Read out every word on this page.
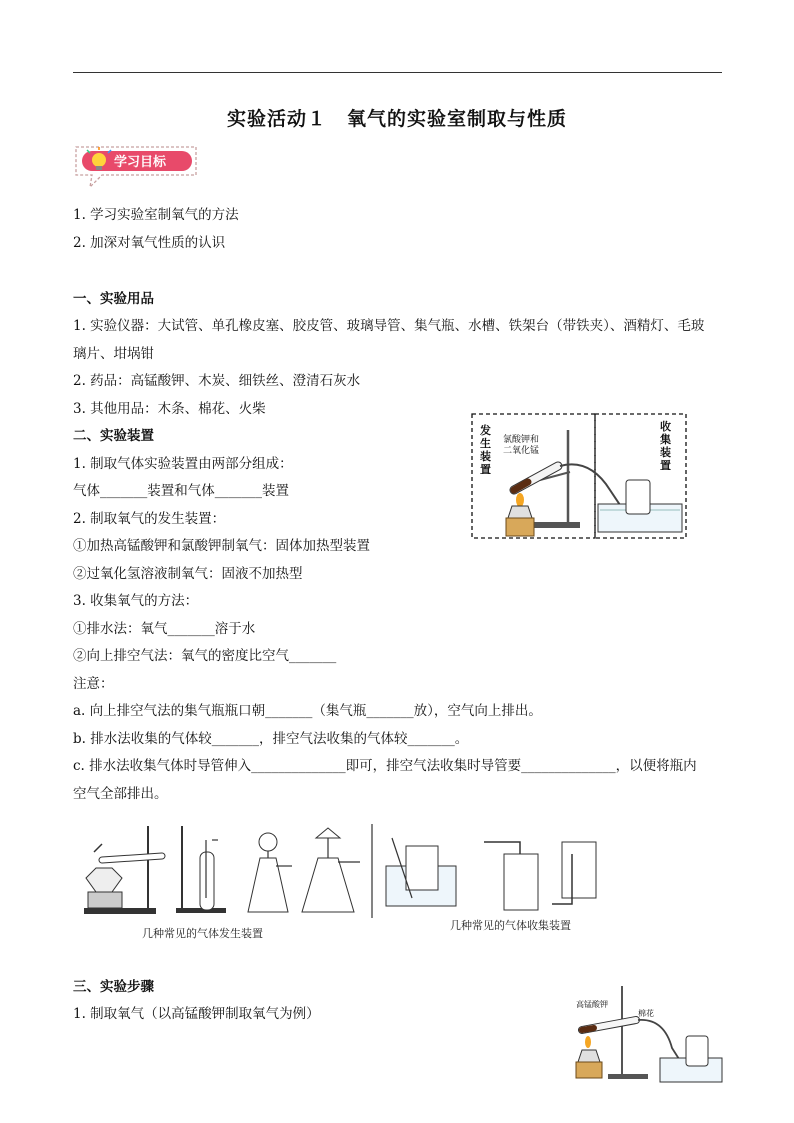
实验活动１　氧气的实验室制取与性质
学习目标
1. 学习实验室制氧气的方法
2. 加深对氧气性质的认识
一、实验用品
1. 实验仪器：大试管、单孔橡皮塞、胶皮管、玻璃导管、集气瓶、水槽、铁架台（带铁夹）、酒精灯、毛玻
璃片、坩埚钳
2. 药品：高锰酸钾、木炭、细铁丝、澄清石灰水
3. 其他用品：木条、棉花、火柴
二、实验装置
1. 制取气体实验装置由两部分组成：
气体_______装置和气体_______装置
2. 制取氧气的发生装置：
①加热高锰酸钾和氯酸钾制氧气：固体加热型装置
②过氧化氢溶液制氧气：固液不加热型
3. 收集氧气的方法：
①排水法：氧气_______溶于水
②向上排空气法：氧气的密度比空气_______
注意：
a. 向上排空气法的集气瓶瓶口朝_______（集气瓶_______放），空气向上排出。
b. 排水法收集的气体较_______，排空气法收集的气体较_______。
c. 排水法收集气体时导管伸入______________即可，排空气法收集时导管要______________，以便将瓶内
空气全部排出。
发生装置
收集装置
氯酸钾和
二氧化锰
几种常见的气体发生装置
几种常见的气体收集装置
三、实验步骤
1. 制取氧气（以高锰酸钾制取氧气为例）
高锰酸钾
棉花
